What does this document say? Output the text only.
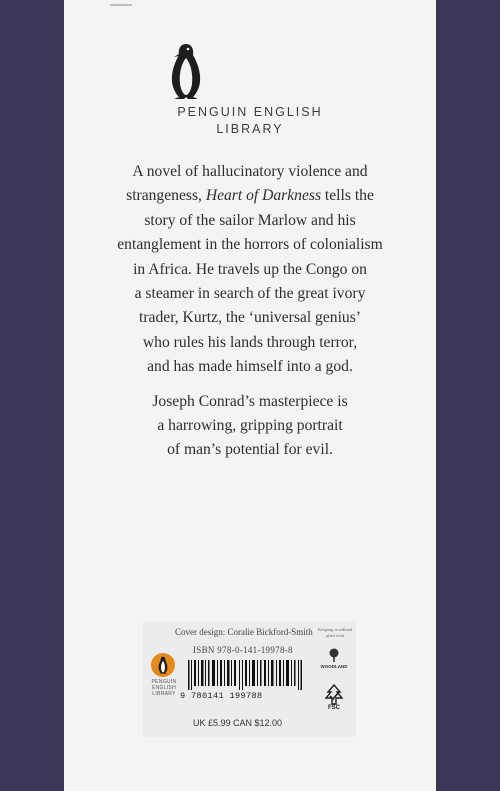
PENGUIN ENGLISH
LIBRARY
A novel of hallucinatory violence and
strangeness, Heart of Darkness tells the
story of the sailor Marlow and his
entanglement in the horrors of colonialism
in Africa. He travels up the Congo on
a steamer in search of the great ivory
trader, Kurtz, the ‘universal genius’
who rules his lands through terror,
and has made himself into a god.
Joseph Conrad’s masterpiece is
a harrowing, gripping portrait
of man’s potential for evil.
Cover design: Coralie Bickford-Smith
PENGUIN
ENGLISH
LIBRARY
ISBN 978-0-141-19978-8
9 780141 199788
UK £5.99 CAN $12.00
Keeping woodland plant with
WOODLAND
FSC
